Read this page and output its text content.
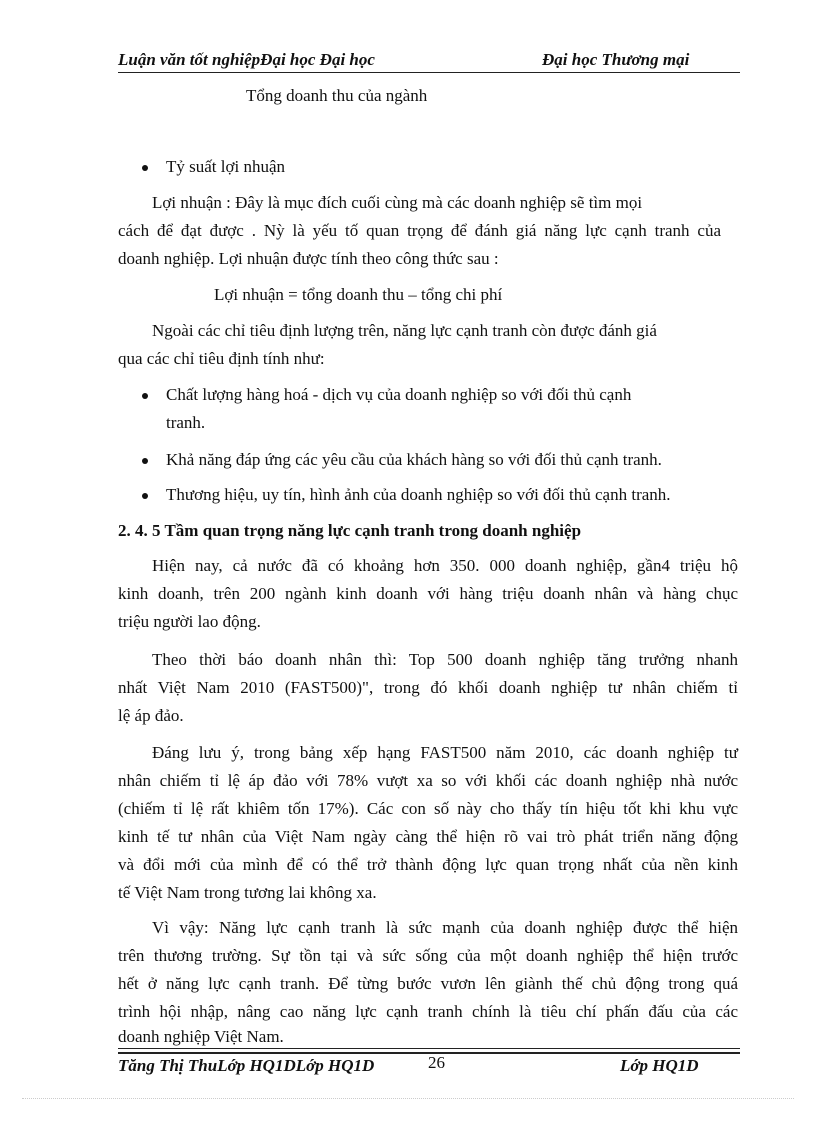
Luận văn tốt nghiệpĐại học Đại học	Đại học Thương mại
Tổng doanh thu của ngành
Tỷ suất lợi nhuận
Lợi nhuận : Đây là mục đích cuối cùng mà các doanh nghiệp sẽ tìm mọi
cách để đạt được . Nỳ là yếu tố quan trọng để đánh giá năng lực cạnh tranh của
doanh nghiệp. Lợi nhuận được tính theo công thức sau :
Lợi nhuận = tổng doanh thu – tổng chi phí
Ngoài các chỉ tiêu định lượng trên, năng lực cạnh tranh còn được đánh giá
qua các chỉ tiêu định tính như:
Chất lượng hàng hoá - dịch vụ của doanh nghiệp so với đối thủ cạnh
tranh.
Khả năng đáp ứng các yêu cầu của khách hàng so với đối thủ cạnh tranh.
Thương hiệu, uy tín, hình ảnh của doanh nghiệp so với đối thủ cạnh tranh.
2. 4. 5 Tầm quan trọng năng lực cạnh tranh trong doanh nghiệp
Hiện nay, cả nước đã có khoảng hơn 350. 000 doanh nghiệp, gần4 triệu hộ
kinh doanh, trên 200 ngành kinh doanh với hàng triệu doanh nhân và hàng chục
triệu người lao động.
Theo thời báo doanh nhân thì: Top 500 doanh nghiệp tăng trưởng nhanh
nhất Việt Nam 2010 (FAST500)", trong đó khối doanh nghiệp tư nhân chiếm tỉ
lệ áp đảo.
Đáng lưu ý, trong bảng xếp hạng FAST500 năm 2010, các doanh nghiệp tư
nhân chiếm tỉ lệ áp đảo với 78% vượt xa so với khối các doanh nghiệp nhà nước
(chiếm tỉ lệ rất khiêm tốn 17%). Các con số này cho thấy tín hiệu tốt khi khu vực
kinh tế tư nhân của Việt Nam ngày càng thể hiện rõ vai trò phát triển năng động
và đổi mới của mình để có thể trở thành động lực quan trọng nhất của nền kinh
tế Việt Nam trong tương lai không xa.
Vì vậy: Năng lực cạnh tranh là sức mạnh của doanh nghiệp được thể hiện
trên thương trường. Sự tồn tại và sức sống của một doanh nghiệp thể hiện trước
hết ở năng lực cạnh tranh. Để từng bước vươn lên giành thế chủ động trong quá
trình hội nhập, nâng cao năng lực cạnh tranh chính là tiêu chí phấn đấu của các
doanh nghiệp Việt Nam.
Tăng Thị ThuLớp HQ1DLớp HQ1D	26	Lớp HQ1D
